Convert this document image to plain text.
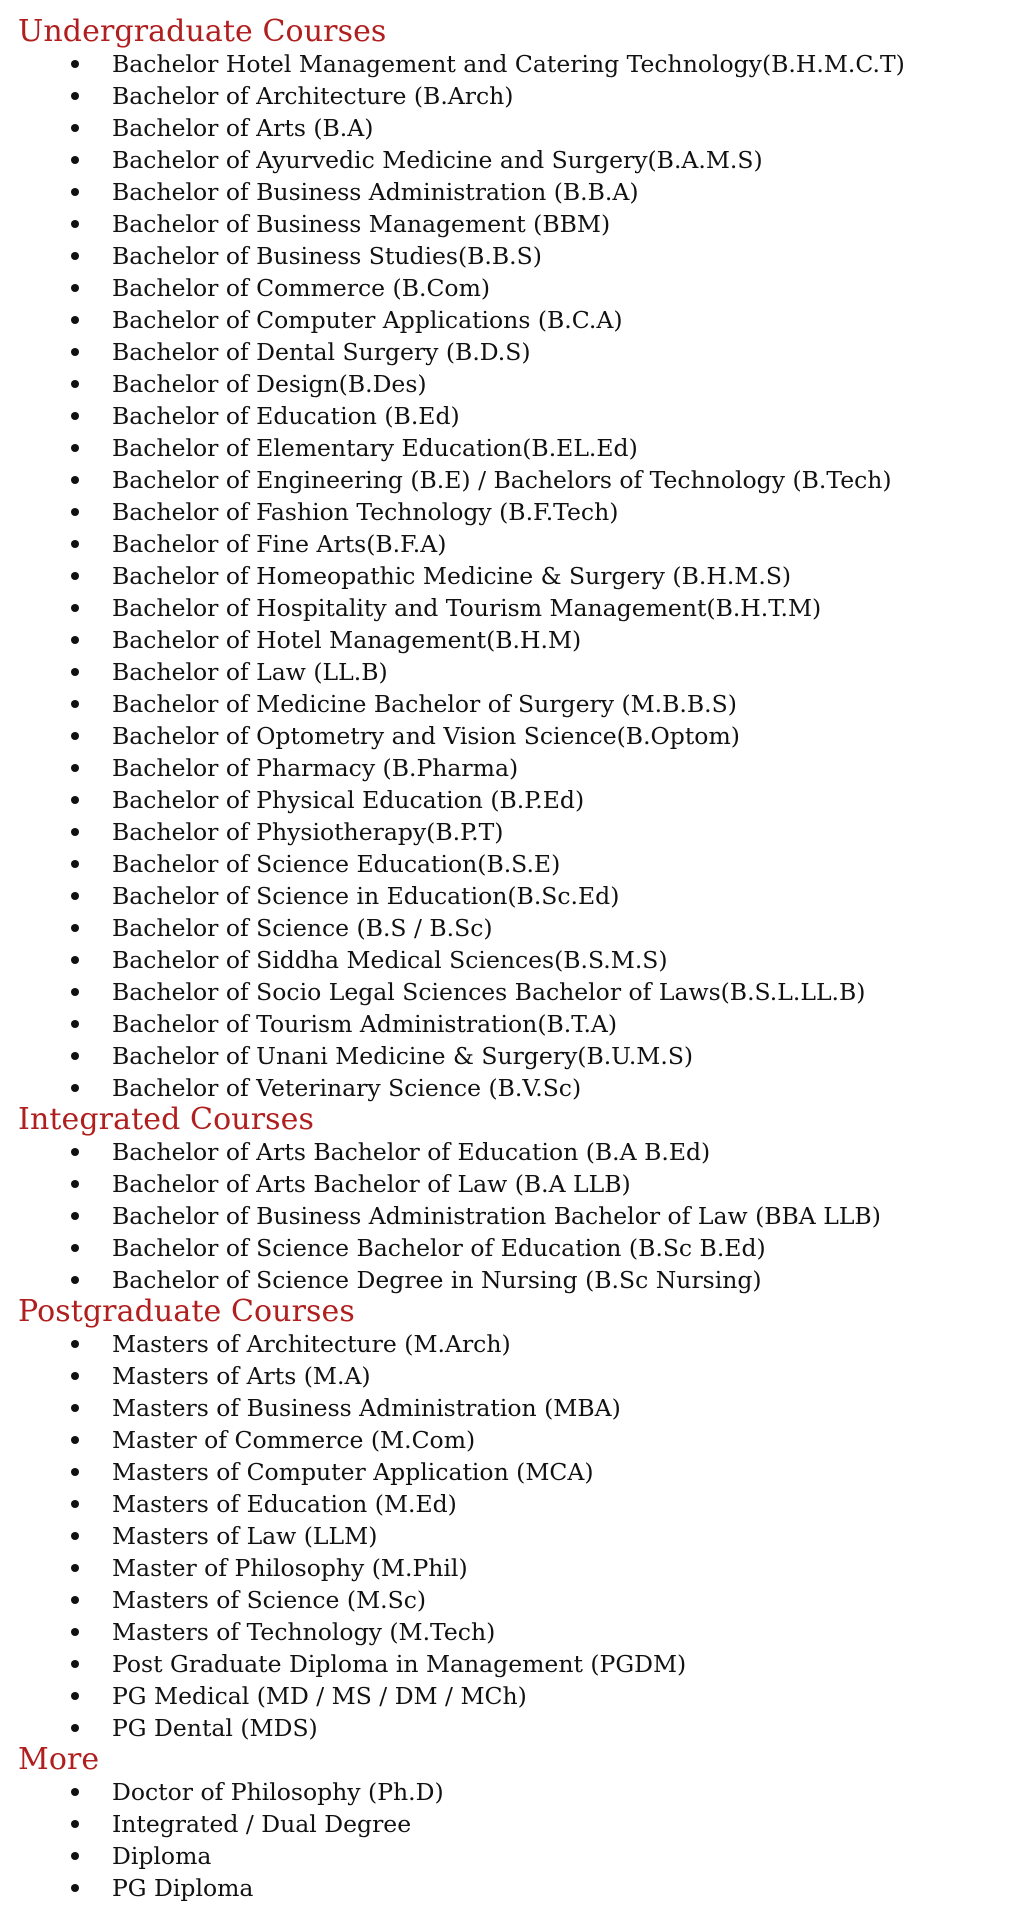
Undergraduate Courses
Bachelor Hotel Management and Catering Technology(B.H.M.C.T)
Bachelor of Architecture (B.Arch)
Bachelor of Arts (B.A)
Bachelor of Ayurvedic Medicine and Surgery(B.A.M.S)
Bachelor of Business Administration (B.B.A)
Bachelor of Business Management (BBM)
Bachelor of Business Studies(B.B.S)
Bachelor of Commerce (B.Com)
Bachelor of Computer Applications (B.C.A)
Bachelor of Dental Surgery (B.D.S)
Bachelor of Design(B.Des)
Bachelor of Education (B.Ed)
Bachelor of Elementary Education(B.EL.Ed)
Bachelor of Engineering (B.E) / Bachelors of Technology (B.Tech)
Bachelor of Fashion Technology (B.F.Tech)
Bachelor of Fine Arts(B.F.A)
Bachelor of Homeopathic Medicine & Surgery (B.H.M.S)
Bachelor of Hospitality and Tourism Management(B.H.T.M)
Bachelor of Hotel Management(B.H.M)
Bachelor of Law (LL.B)
Bachelor of Medicine Bachelor of Surgery (M.B.B.S)
Bachelor of Optometry and Vision Science(B.Optom)
Bachelor of Pharmacy (B.Pharma)
Bachelor of Physical Education (B.P.Ed)
Bachelor of Physiotherapy(B.P.T)
Bachelor of Science Education(B.S.E)
Bachelor of Science in Education(B.Sc.Ed)
Bachelor of Science (B.S / B.Sc)
Bachelor of Siddha Medical Sciences(B.S.M.S)
Bachelor of Socio Legal Sciences Bachelor of Laws(B.S.L.LL.B)
Bachelor of Tourism Administration(B.T.A)
Bachelor of Unani Medicine & Surgery(B.U.M.S)
Bachelor of Veterinary Science (B.V.Sc)
Integrated Courses
Bachelor of Arts Bachelor of Education (B.A B.Ed)
Bachelor of Arts Bachelor of Law (B.A LLB)
Bachelor of Business Administration Bachelor of Law (BBA LLB)
Bachelor of Science Bachelor of Education (B.Sc B.Ed)
Bachelor of Science Degree in Nursing (B.Sc Nursing)
Postgraduate Courses
Masters of Architecture (M.Arch)
Masters of Arts (M.A)
Masters of Business Administration (MBA)
Master of Commerce (M.Com)
Masters of Computer Application (MCA)
Masters of Education (M.Ed)
Masters of Law (LLM)
Master of Philosophy (M.Phil)
Masters of Science (M.Sc)
Masters of Technology (M.Tech)
Post Graduate Diploma in Management (PGDM)
PG Medical (MD / MS / DM / MCh)
PG Dental (MDS)
More
Doctor of Philosophy (Ph.D)
Integrated / Dual Degree
Diploma
PG Diploma
